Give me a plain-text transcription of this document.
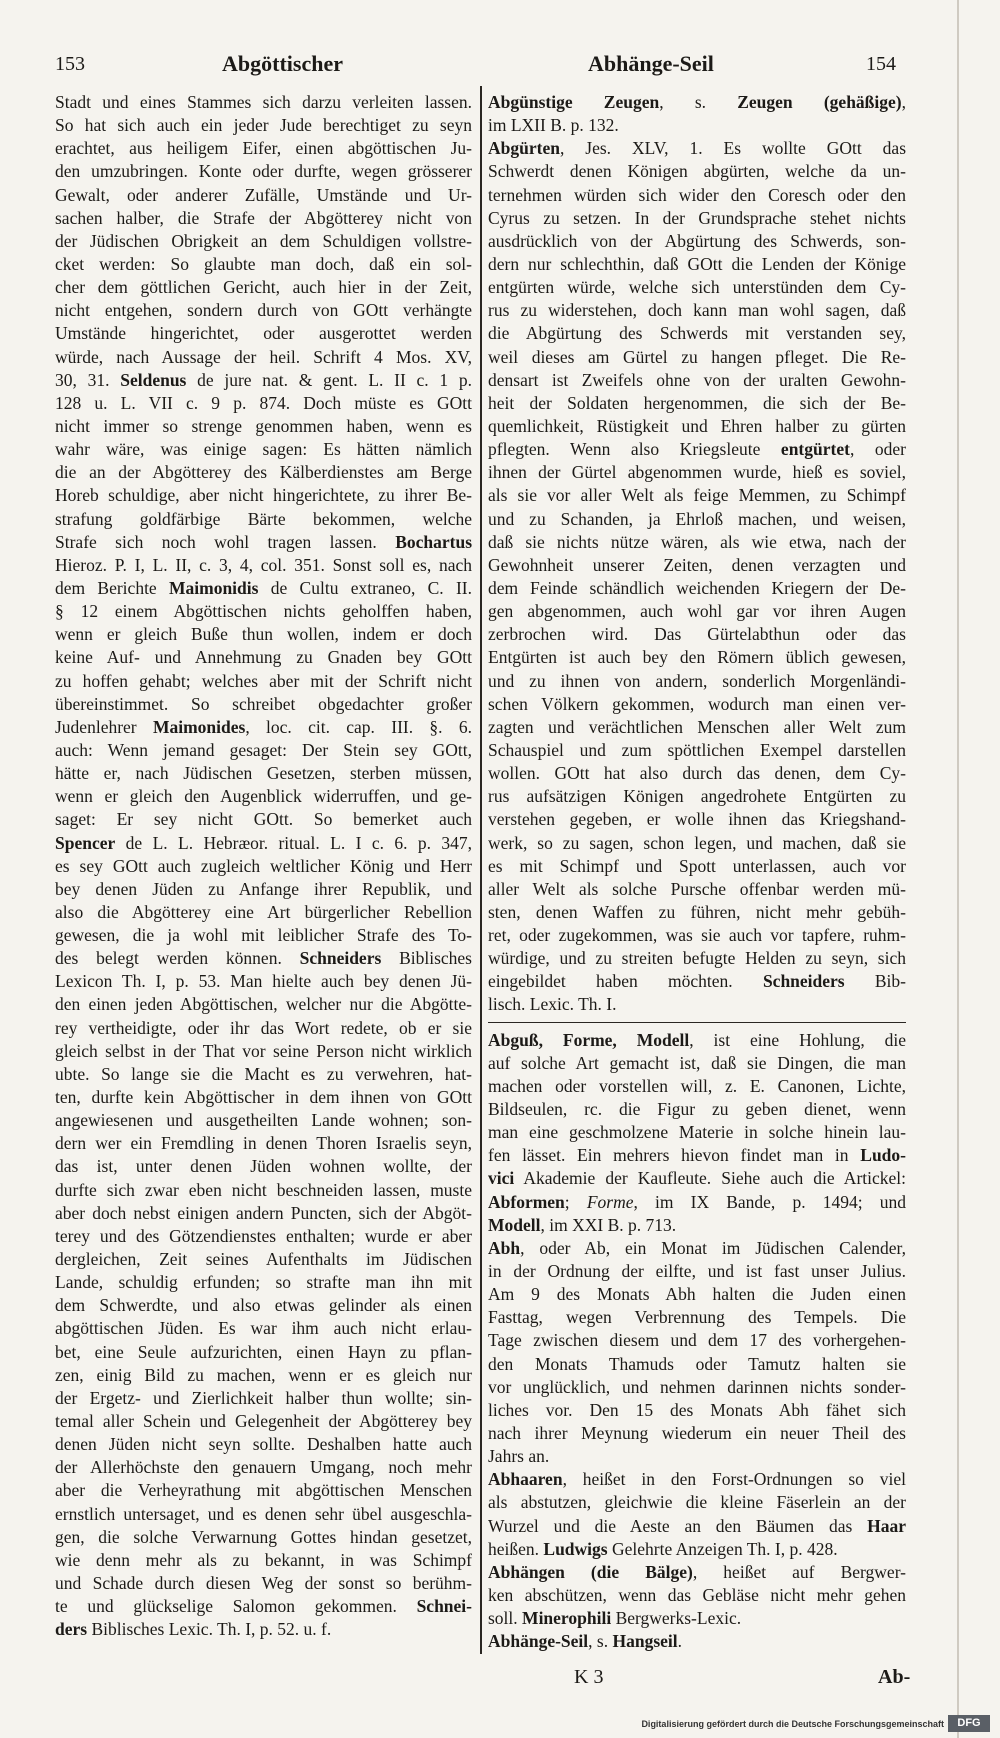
153	Abgöttischer	Abhänge-Seil	154
Stadt und eines Stammes sich darzu verleiten lassen.
So hat sich auch ein jeder Jude berechtiget zu seyn
erachtet, aus heiligem Eifer, einen abgöttischen Ju-
den umzubringen. Konte oder durfte, wegen grösserer
Gewalt, oder anderer Zufälle, Umstände und Ur-
sachen halber, die Strafe der Abgötterey nicht von
der Jüdischen Obrigkeit an dem Schuldigen vollstre-
cket werden: So glaubte man doch, daß ein sol-
cher dem göttlichen Gericht, auch hier in der Zeit,
nicht entgehen, sondern durch von GOtt verhängte
Umstände hingerichtet, oder ausgerottet werden
würde, nach Aussage der heil. Schrift 4 Mos. XV,
30, 31. Seldenus de jure nat. & gent. L. II c. 1 p.
128 u. L. VII c. 9 p. 874. Doch müste es GOtt
nicht immer so strenge genommen haben, wenn es
wahr wäre, was einige sagen: Es hätten nämlich
die an der Abgötterey des Kälberdienstes am Berge
Horeb schuldige, aber nicht hingerichtete, zu ihrer Be-
strafung goldfärbige Bärte bekommen, welche
Strafe sich noch wohl tragen lassen. Bochartus
Hieroz. P. I, L. II, c. 3, 4, col. 351. Sonst soll es, nach
dem Berichte Maimonidis de Cultu extraneo, C. II.
§ 12 einem Abgöttischen nichts geholffen haben,
wenn er gleich Buße thun wollen, indem er doch
keine Auf- und Annehmung zu Gnaden bey GOtt
zu hoffen gehabt; welches aber mit der Schrift nicht
übereinstimmet. So schreibet obgedachter großer
Judenlehrer Maimonides, loc. cit. cap. III. §. 6.
auch: Wenn jemand gesaget: Der Stein sey GOtt,
hätte er, nach Jüdischen Gesetzen, sterben müssen,
wenn er gleich den Augenblick widerruffen, und ge-
saget: Er sey nicht GOtt. So bemerket auch
Spencer de L. L. Hebræor. ritual. L. I c. 6. p. 347,
es sey GOtt auch zugleich weltlicher König und Herr
bey denen Jüden zu Anfange ihrer Republik, und
also die Abgötterey eine Art bürgerlicher Rebellion
gewesen, die ja wohl mit leiblicher Strafe des To-
des belegt werden können. Schneiders Biblisches
Lexicon Th. I, p. 53. Man hielte auch bey denen Jü-
den einen jeden Abgöttischen, welcher nur die Abgötte-
rey vertheidigte, oder ihr das Wort redete, ob er sie
gleich selbst in der That vor seine Person nicht wirklich
ubte. So lange sie die Macht es zu verwehren, hat-
ten, durfte kein Abgöttischer in dem ihnen von GOtt
angewiesenen und ausgetheilten Lande wohnen; son-
dern wer ein Fremdling in denen Thoren Israelis seyn,
das ist, unter denen Jüden wohnen wollte, der
durfte sich zwar eben nicht beschneiden lassen, muste
aber doch nebst einigen andern Puncten, sich der Abgöt-
terey und des Götzendienstes enthalten; wurde er aber
dergleichen, Zeit seines Aufenthalts im Jüdischen
Lande, schuldig erfunden; so strafte man ihn mit
dem Schwerdte, und also etwas gelinder als einen
abgöttischen Jüden. Es war ihm auch nicht erlau-
bet, eine Seule aufzurichten, einen Hayn zu pflan-
zen, einig Bild zu machen, wenn er es gleich nur
der Ergetz- und Zierlichkeit halber thun wollte; sin-
temal aller Schein und Gelegenheit der Abgötterey bey
denen Jüden nicht seyn sollte. Deshalben hatte auch
der Allerhöchste den genauern Umgang, noch mehr
aber die Verheyrathung mit abgöttischen Menschen
ernstlich untersaget, und es denen sehr übel ausgeschla-
gen, die solche Verwarnung Gottes hindan gesetzet,
wie denn mehr als zu bekannt, in was Schimpf
und Schade durch diesen Weg der sonst so berühm-
te und glückselige Salomon gekommen. Schnei-
ders Biblisches Lexic. Th. I, p. 52. u. f.
Abgünstige Zeugen, s. Zeugen (gehäßige),
im LXII B. p. 132.
Abgürten, Jes. XLV, 1. Es wollte GOtt das
Schwerdt denen Königen abgürten, welche da un-
ternehmen würden sich wider den Coresch oder den
Cyrus zu setzen. In der Grundsprache stehet nichts
ausdrücklich von der Abgürtung des Schwerds, son-
dern nur schlechthin, daß GOtt die Lenden der Könige
entgürten würde, welche sich unterstünden dem Cy-
rus zu widerstehen, doch kann man wohl sagen, daß
die Abgürtung des Schwerds mit verstanden sey,
weil dieses am Gürtel zu hangen pfleget. Die Re-
densart ist Zweifels ohne von der uralten Gewohn-
heit der Soldaten hergenommen, die sich der Be-
quemlichkeit, Rüstigkeit und Ehren halber zu gürten
pflegten. Wenn also Kriegsleute entgürtet, oder
ihnen der Gürtel abgenommen wurde, hieß es soviel,
als sie vor aller Welt als feige Memmen, zu Schimpf
und zu Schanden, ja Ehrloß machen, und weisen,
daß sie nichts nütze wären, als wie etwa, nach der
Gewohnheit unserer Zeiten, denen verzagten und
dem Feinde schändlich weichenden Kriegern der De-
gen abgenommen, auch wohl gar vor ihren Augen
zerbrochen wird. Das Gürtelabthun oder das
Entgürten ist auch bey den Römern üblich gewesen,
und zu ihnen von andern, sonderlich Morgenländi-
schen Völkern gekommen, wodurch man einen ver-
zagten und verächtlichen Menschen aller Welt zum
Schauspiel und zum spöttlichen Exempel darstellen
wollen. GOtt hat also durch das denen, dem Cy-
rus aufsätzigen Königen angedrohete Entgürten zu
verstehen gegeben, er wolle ihnen das Kriegshand-
werk, so zu sagen, schon legen, und machen, daß sie
es mit Schimpf und Spott unterlassen, auch vor
aller Welt als solche Pursche offenbar werden mü-
sten, denen Waffen zu führen, nicht mehr gebüh-
ret, oder zugekommen, was sie auch vor tapfere, ruhm-
würdige, und zu streiten befugte Helden zu seyn, sich
eingebildet haben möchten. Schneiders Bib-
lisch. Lexic. Th. I.
Abguß, Forme, Modell, ist eine Hohlung, die
auf solche Art gemacht ist, daß sie Dingen, die man
machen oder vorstellen will, z. E. Canonen, Lichte,
Bildseulen, rc. die Figur zu geben dienet, wenn
man eine geschmolzene Materie in solche hinein lau-
fen lässet. Ein mehrers hievon findet man in Ludo-
vici Akademie der Kaufleute. Siehe auch die Artickel:
Abformen; Forme, im IX Bande, p. 1494; und
Modell, im XXI B. p. 713.
Abh, oder Ab, ein Monat im Jüdischen Calender,
in der Ordnung der eilfte, und ist fast unser Julius.
Am 9 des Monats Abh halten die Juden einen
Fasttag, wegen Verbrennung des Tempels. Die
Tage zwischen diesem und dem 17 des vorhergehen-
den Monats Thamuds oder Tamutz halten sie
vor unglücklich, und nehmen darinnen nichts sonder-
liches vor. Den 15 des Monats Abh fähet sich
nach ihrer Meynung wiederum ein neuer Theil des
Jahrs an.
Abhaaren, heißet in den Forst-Ordnungen so viel
als abstutzen, gleichwie die kleine Fäserlein an der
Wurzel und die Aeste an den Bäumen das Haar
heißen. Ludwigs Gelehrte Anzeigen Th. I, p. 428.
Abhängen (die Bälge), heißet auf Bergwer-
ken abschützen, wenn das Gebläse nicht mehr gehen
soll. Minerophili Bergwerks-Lexic.
Abhänge-Seil, s. Hangseil.
K 3	Ab-
Digitalisierung gefördert durch die Deutsche Forschungsgemeinschaft	DFG
